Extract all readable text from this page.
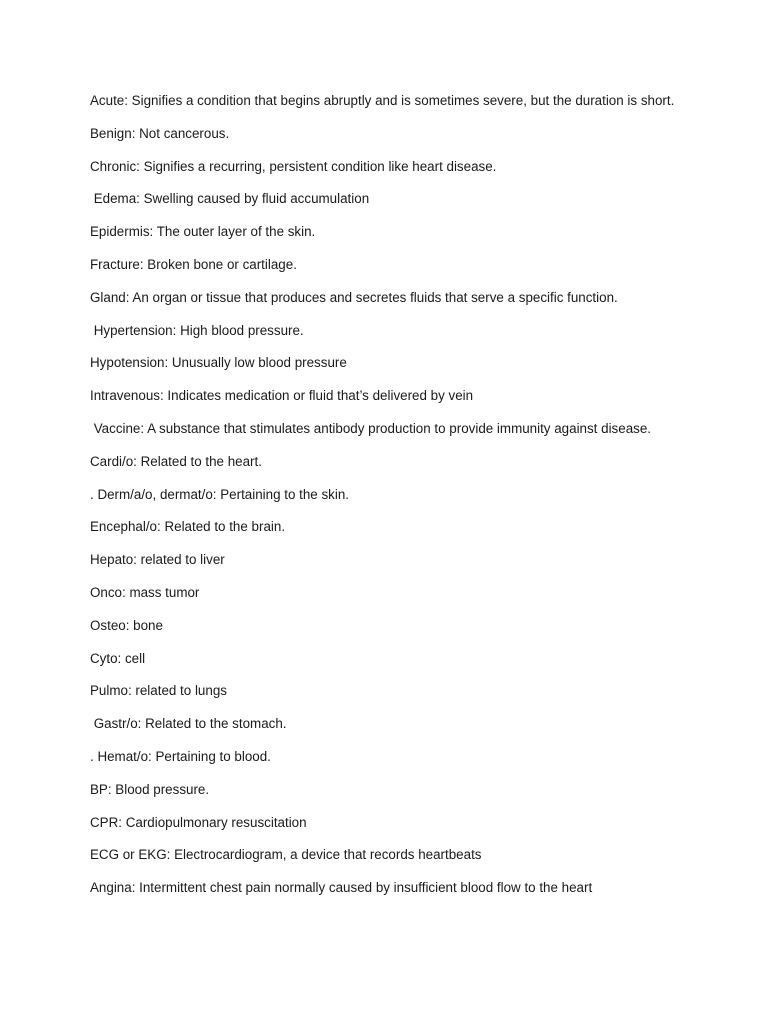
Acute: Signifies a condition that begins abruptly and is sometimes severe, but the duration is short.

Benign: Not cancerous.

Chronic: Signifies a recurring, persistent condition like heart disease.

Edema: Swelling caused by fluid accumulation

Epidermis: The outer layer of the skin.

Fracture: Broken bone or cartilage.

Gland: An organ or tissue that produces and secretes fluids that serve a specific function.

Hypertension: High blood pressure.

Hypotension: Unusually low blood pressure

Intravenous: Indicates medication or fluid that’s delivered by vein

Vaccine: A substance that stimulates antibody production to provide immunity against disease.

Cardi/o: Related to the heart.

. Derm/a/o, dermat/o: Pertaining to the skin.

Encephal/o: Related to the brain.

Hepato: related to liver

Onco: mass tumor

Osteo: bone

Cyto: cell

Pulmo: related to lungs

Gastr/o: Related to the stomach.

. Hemat/o: Pertaining to blood.

BP: Blood pressure.

CPR: Cardiopulmonary resuscitation

ECG or EKG: Electrocardiogram, a device that records heartbeats

Angina: Intermittent chest pain normally caused by insufficient blood flow to the heart
